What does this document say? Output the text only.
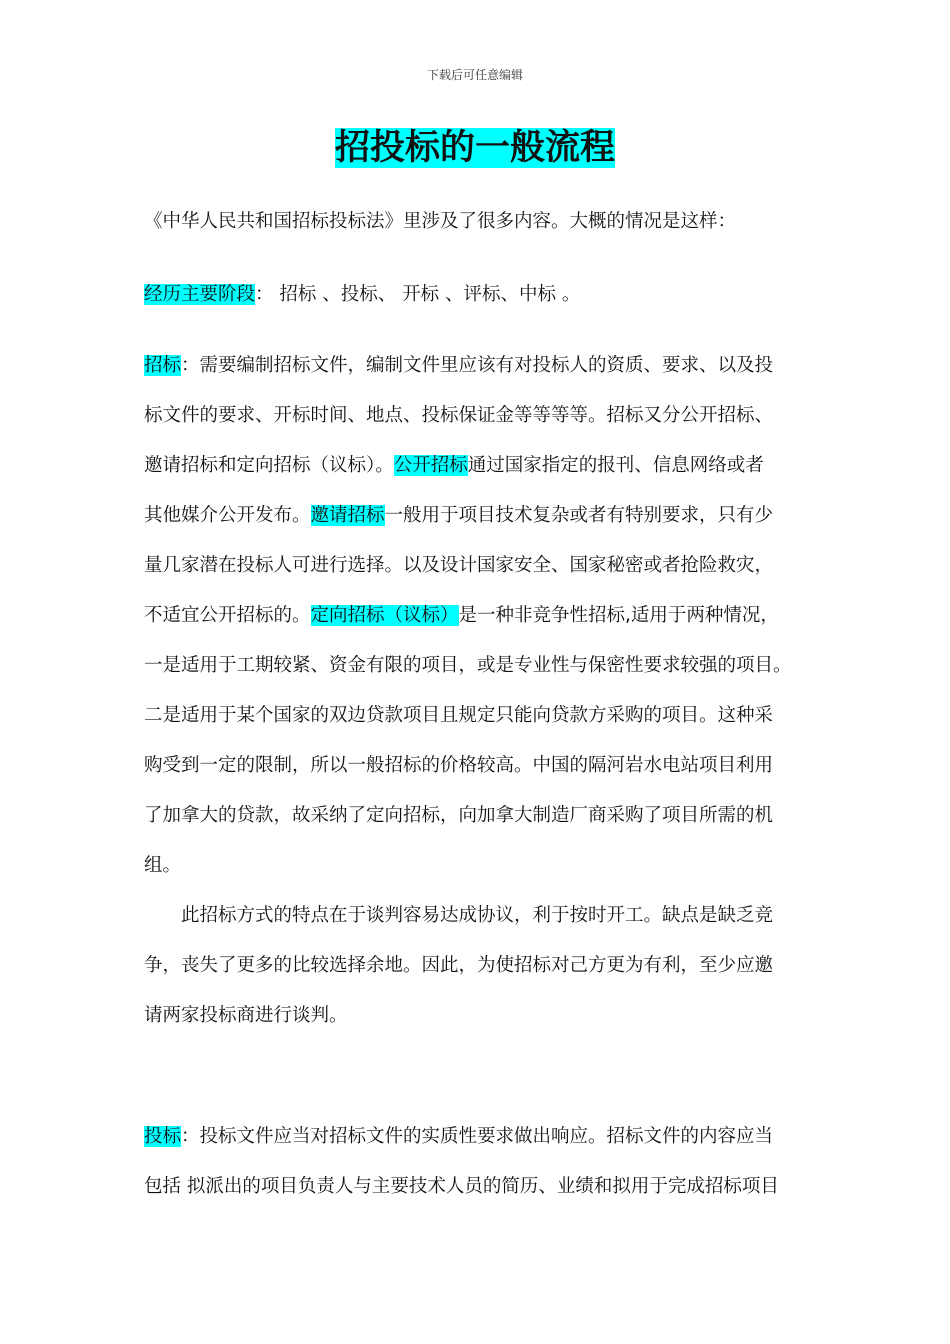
下载后可任意编辑
招投标的一般流程
《中华人民共和国招标投标法》里涉及了很多内容。大概的情况是这样：
经历主要阶段： 招标 、投标、 开标 、评标、中标 。
招标：需要编制招标文件，编制文件里应该有对投标人的资质、要求、以及投
标文件的要求、开标时间、地点、投标保证金等等等等。招标又分公开招标、
邀请招标和定向招标（议标）。公开招标通过国家指定的报刊、信息网络或者
其他媒介公开发布。邀请招标一般用于项目技术复杂或者有特别要求，只有少
量几家潜在投标人可进行选择。以及设计国家安全、国家秘密或者抢险救灾，
不适宜公开招标的。定向招标（议标）是一种非竞争性招标,适用于两种情况，
一是适用于工期较紧、资金有限的项目，或是专业性与保密性要求较强的项目。
二是适用于某个国家的双边贷款项目且规定只能向贷款方采购的项目。这种采
购受到一定的限制，所以一般招标的价格较高。中国的隔河岩水电站项目利用
了加拿大的贷款，故采纳了定向招标，向加拿大制造厂商采购了项目所需的机
组。
此招标方式的特点在于谈判容易达成协议，利于按时开工。缺点是缺乏竞
争，丧失了更多的比较选择余地。因此，为使招标对己方更为有利，至少应邀
请两家投标商进行谈判。
投标：投标文件应当对招标文件的实质性要求做出响应。招标文件的内容应当
包括 拟派出的项目负责人与主要技术人员的简历、业绩和拟用于完成招标项目
